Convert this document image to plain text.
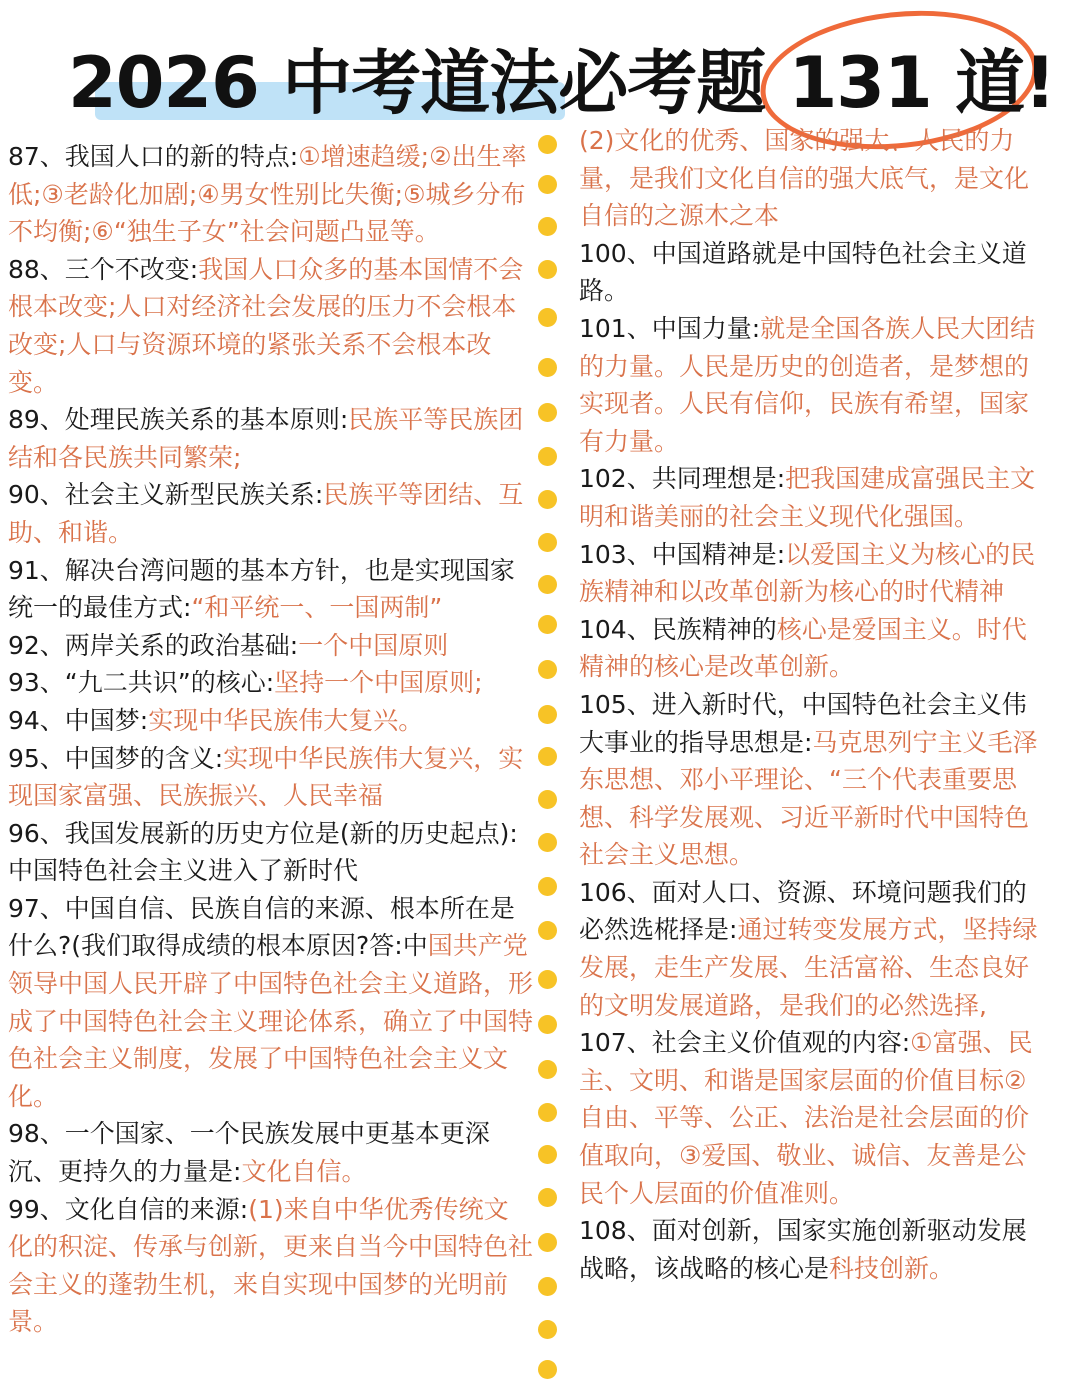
2026 中考道法必考题 131 道!

87、我国人口的新的特点:①增速趋缓;②出生率低;③老龄化加剧;④男女性别比失衡;⑤城乡分布不均衡;⑥“独生子女”社会问题凸显等。

88、三个不改变:我国人口众多的基本国情不会根本改变;人口对经济社会发展的压力不会根本改变;人口与资源环境的紧张关系不会根本改变。

89、处理民族关系的基本原则:民族平等民族团结和各民族共同繁荣;

90、社会主义新型民族关系:民族平等团结、互助、和谐。

91、解决台湾问题的基本方针，也是实现国家统一的最佳方式:“和平统一、一国两制”

92、两岸关系的政治基础:一个中国原则

93、“九二共识”的核心:坚持一个中国原则;

94、中国梦:实现中华民族伟大复兴。

95、中国梦的含义:实现中华民族伟大复兴，实现国家富强、民族振兴、人民幸福

96、我国发展新的历史方位是(新的历史起点):中国特色社会主义进入了新时代

97、中国自信、民族自信的来源、根本所在是什么?(我们取得成绩的根本原因?答:中国共产党领导中国人民开辟了中国特色社会主义道路，形成了中国特色社会主义理论体系，确立了中国特色社会主义制度，发展了中国特色社会主义文化。

98、一个国家、一个民族发展中更基本更深沉、更持久的力量是:文化自信。

99、文化自信的来源:(1)来自中华优秀传统文化的积淀、传承与创新，更来自当今中国特色社会主义的蓬勃生机，来自实现中国梦的光明前景。

(2)文化的优秀、国家的强大、人民的力量，是我们文化自信的强大底气，是文化自信的之源木之本

100、中国道路就是中国特色社会主义道路。

101、中国力量:就是全国各族人民大团结的力量。人民是历史的创造者，是梦想的实现者。人民有信仰，民族有希望，国家有力量。

102、共同理想是:把我国建成富强民主文明和谐美丽的社会主义现代化强国。

103、中国精神是:以爱国主义为核心的民族精神和以改革创新为核心的时代精神

104、民族精神的核心是爱国主义。时代精神的核心是改革创新。

105、进入新时代，中国特色社会主义伟大事业的指导思想是:马克思列宁主义毛泽东思想、邓小平理论、“三个代表重要思想、科学发展观、习近平新时代中国特色社会主义思想。

106、面对人口、资源、环境问题我们的必然选椛择是:通过转变发展方式，坚持绿发展，走生产发展、生活富裕、生态良好的文明发展道路，是我们的必然选择,

107、社会主义价值观的内容:①富强、民主、文明、和谐是国家层面的价值目标②自由、平等、公正、法治是社会层面的价值取向，③爱国、敬业、诚信、友善是公民个人层面的价值准则。

108、面对创新，国家实施创新驱动发展战略，该战略的核心是科技创新。
